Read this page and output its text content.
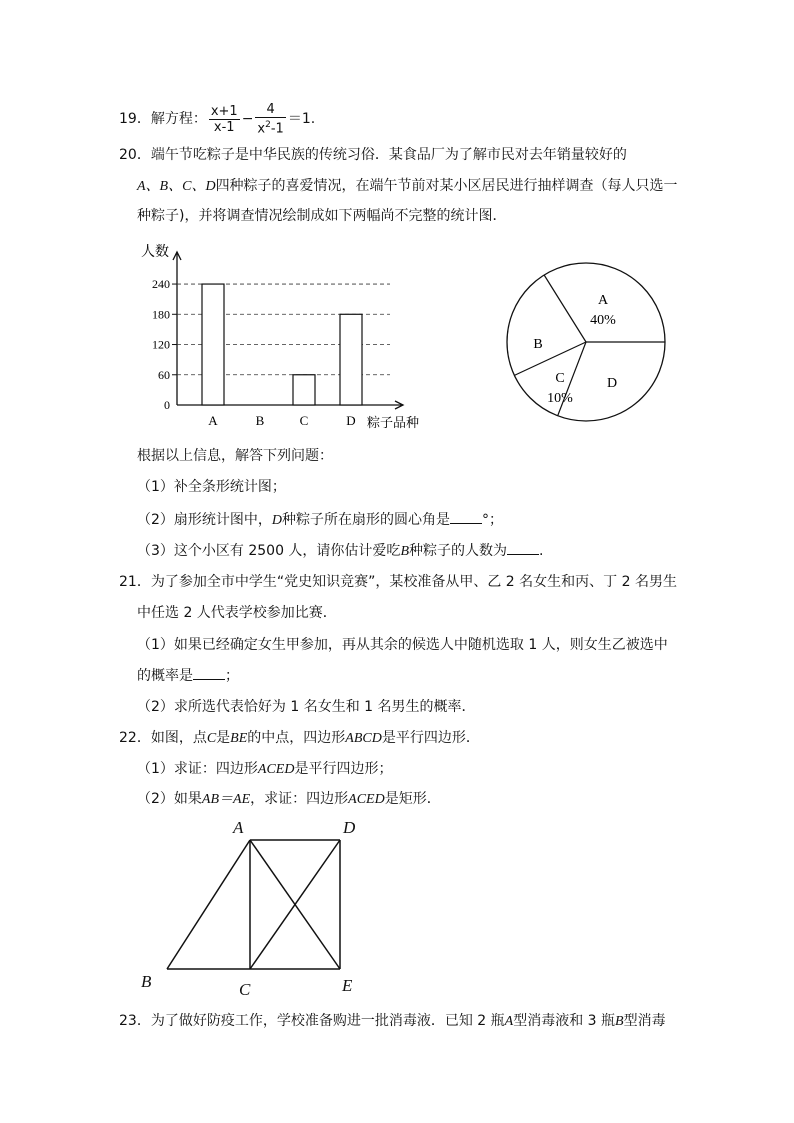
19．解方程： $\frac{x+1}{x-1} - \frac{4}{x^2-1} =1$.
20．端午节吃粽子是中华民族的传统习俗．某食品厂为了解市民对去年销量较好的
A、B、C、D四种粽子的喜爱情况，在端午节前对某小区居民进行抽样调查（每人只选一
种粽子)，并将调查情况绘制成如下两幅尚不完整的统计图．
人数
粽子品种
0
60
120
180
240
A	B	C	D
A
40%
B
C
10%
D
根据以上信息，解答下列问题：
（1）补全条形统计图；
（2）扇形统计图中，D种粽子所在扇形的圆心角是 °；
（3）这个小区有 2500 人，请你估计爱吃B种粽子的人数为 .
21．为了参加全市中学生“党史知识竞赛”，某校准备从甲、乙 2 名女生和丙、丁 2 名男生
中任选 2 人代表学校参加比赛．
（1）如果已经确定女生甲参加，再从其余的候选人中随机选取 1 人，则女生乙被选中
的概率是 ；
（2）求所选代表恰好为 1 名女生和 1 名男生的概率．
22．如图，点C是BE的中点，四边形ABCD是平行四边形．
（1）求证：四边形ACED是平行四边形；
（2）如果AB＝AE，求证：四边形ACED是矩形．
A	D
B	C	E
23．为了做好防疫工作，学校准备购进一批消毒液．已知 2 瓶A型消毒液和 3 瓶B型消毒
